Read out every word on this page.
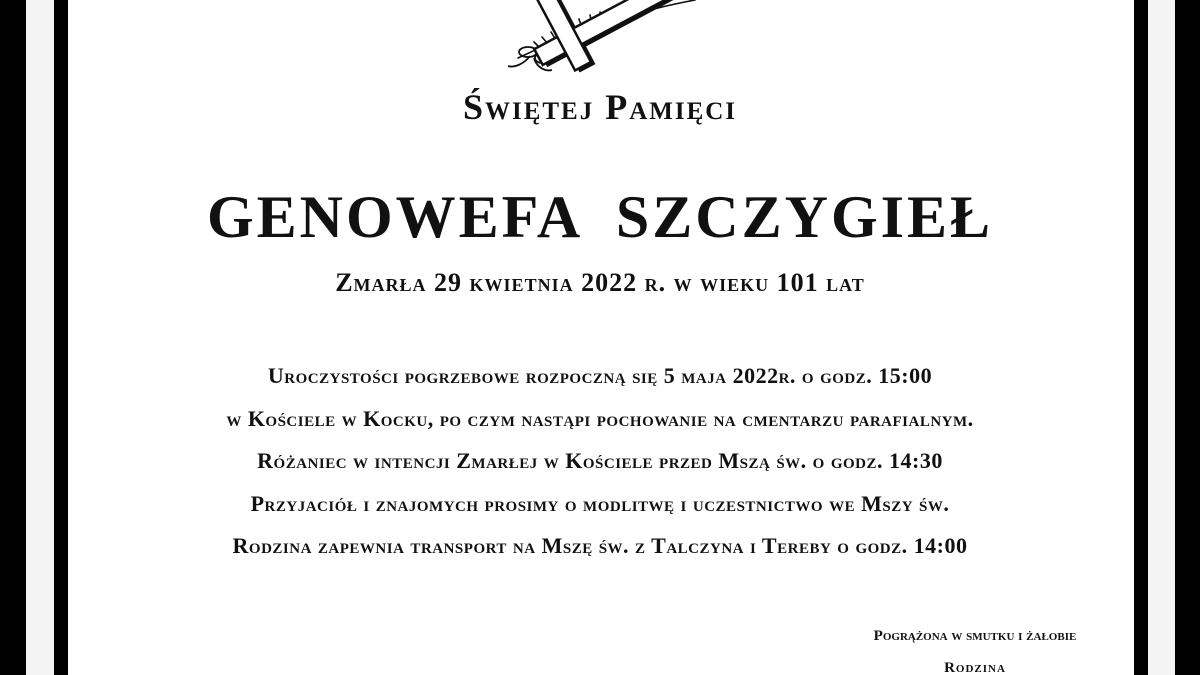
Świętej Pamięci
GENOWEFA SZCZYGIEŁ
Zmarła 29 kwietnia 2022 r. w wieku 101 lat
Uroczystości pogrzebowe rozpoczną się 5 maja 2022r. o godz. 15:00
w Kościele w Kocku, po czym nastąpi pochowanie na cmentarzu parafialnym.
Różaniec w intencji Zmarłej w Kościele przed Mszą św. o godz. 14:30
Przyjaciół i znajomych prosimy o modlitwę i uczestnictwo we Mszy św.
Rodzina zapewnia transport na Mszę św. z Talczyna i Tereby o godz. 14:00
Pogrążona w smutku i żałobie
Rodzina
